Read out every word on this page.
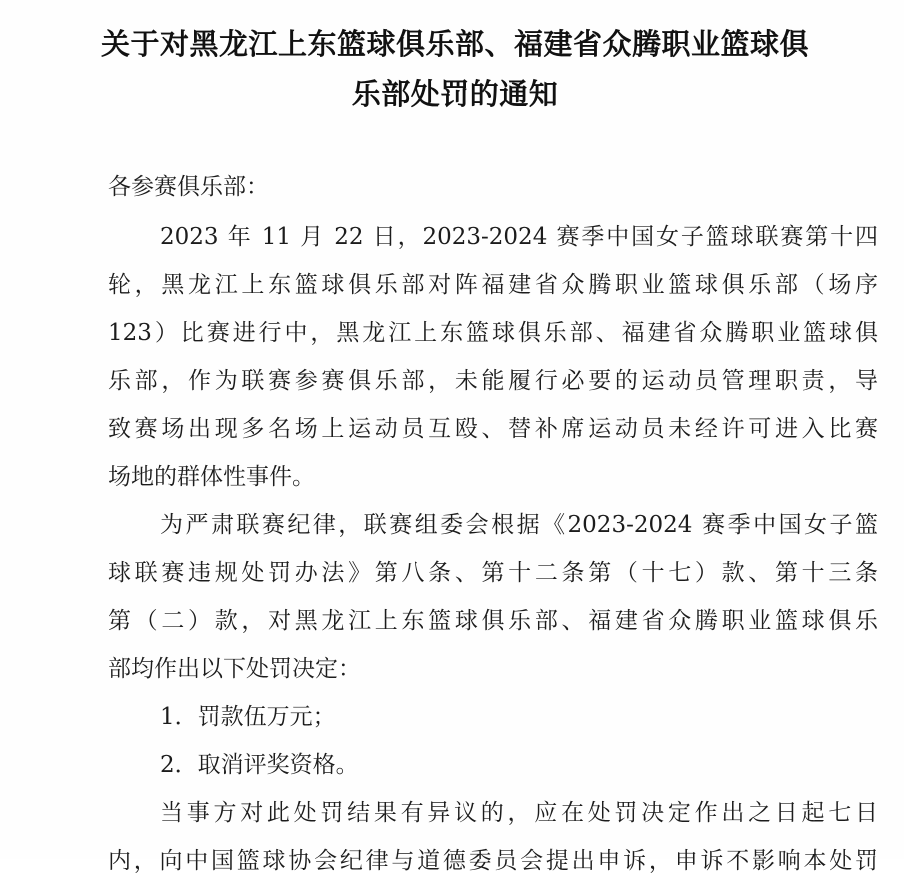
关于对黑龙江上东篮球俱乐部、福建省众腾职业篮球俱
乐部处罚的通知
各参赛俱乐部：
2023 年 11 月 22 日，2023-2024 赛季中国女子篮球联赛第十四
轮，黑龙江上东篮球俱乐部对阵福建省众腾职业篮球俱乐部（场序
123）比赛进行中，黑龙江上东篮球俱乐部、福建省众腾职业篮球俱
乐部，作为联赛参赛俱乐部，未能履行必要的运动员管理职责，导
致赛场出现多名场上运动员互殴、替补席运动员未经许可进入比赛
场地的群体性事件。
为严肃联赛纪律，联赛组委会根据《2023-2024 赛季中国女子篮
球联赛违规处罚办法》第八条、第十二条第（十七）款、第十三条
第（二）款，对黑龙江上东篮球俱乐部、福建省众腾职业篮球俱乐
部均作出以下处罚决定：
1．罚款伍万元；
2．取消评奖资格。
当事方对此处罚结果有异议的，应在处罚决定作出之日起七日
内，向中国篮球协会纪律与道德委员会提出申诉，申诉不影响本处罚
